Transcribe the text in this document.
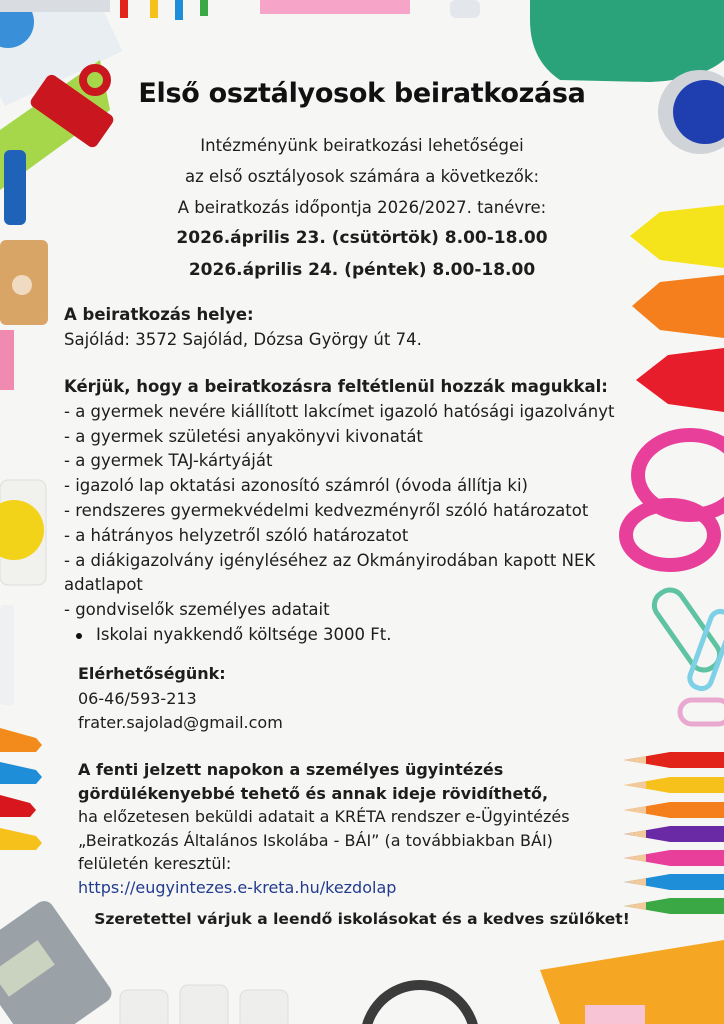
Első osztályosok beiratkozása
Intézményünk beiratkozási lehetőségei
az első osztályosok számára a következők:
A beiratkozás időpontja 2026/2027. tanévre:
2026.április 23. (csütörtök) 8.00-18.00
2026.április 24. (péntek) 8.00-18.00
A beiratkozás helye:
Sajólád: 3572 Sajólád, Dózsa György út 74.
Kérjük, hogy a beiratkozásra feltétlenül hozzák magukkal:
- a gyermek nevére kiállított lakcímet igazoló hatósági igazolványt
- a gyermek születési anyakönyvi kivonatát
- a gyermek TAJ-kártyáját
- igazoló lap oktatási azonosító számról (óvoda állítja ki)
- rendszeres gyermekvédelmi kedvezményről szóló határozatot
- a hátrányos helyzetről szóló határozatot
- a diákigazolvány igényléséhez az Okmányirodában kapott NEK
adatlapot
- gondviselők személyes adatait
Iskolai nyakkendő költsége 3000 Ft.
Elérhetőségünk:
06-46/593-213
frater.sajolad@gmail.com
A fenti jelzett napokon a személyes ügyintézés
gördülékenyebbé tehető és annak ideje rövidíthető,
ha előzetesen beküldi adatait a KRÉTA rendszer e-Ügyintézés
„Beiratkozás Általános Iskolába - BÁI” (a továbbiakban BÁI)
felületén keresztül:
https://eugyintezes.e-kreta.hu/kezdolap
Szeretettel várjuk a leendő iskolásokat és a kedves szülőket!
